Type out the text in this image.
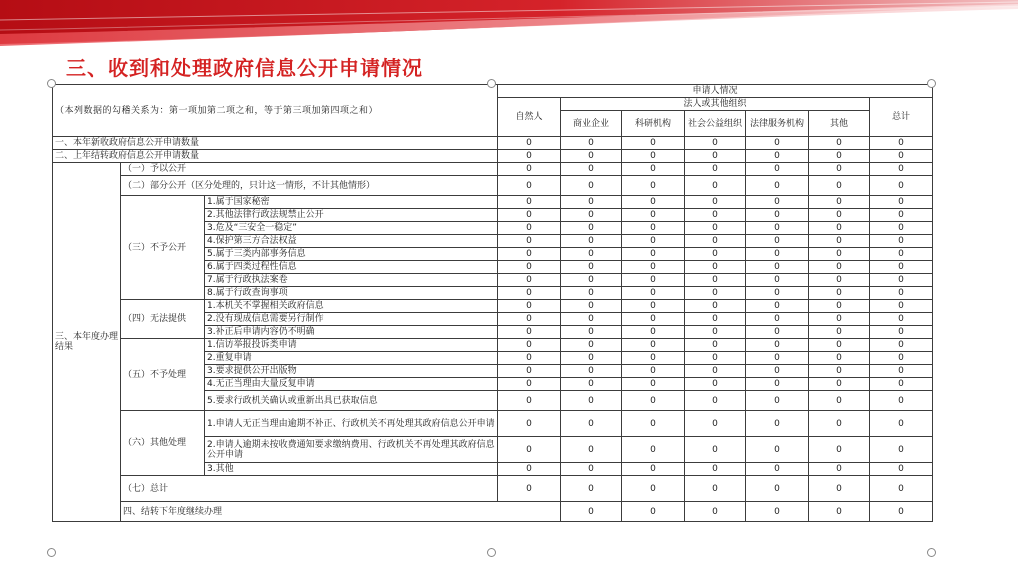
三、收到和处理政府信息公开申请情况
（本列数据的勾稽关系为：第一项加第二项之和，等于第三项加第四项之和）			申请人情况							
			自然人	法人或其他组织					总计	
				商业企业	科研机构	社会公益组织	法律服务机构	其他		
一、本年新收政府信息公开申请数量			0	0	0	0	0	0	0	
二、上年结转政府信息公开申请数量			0	0	0	0	0	0	0	
三、本年度办理结果	（一）予以公开		0	0	0	0	0	0	0	
	（二）部分公开（区分处理的，只计这一情形，不计其他情形）		0	0	0	0	0	0	0	
	（三）不予公开	1.属于国家秘密	0	0	0	0	0	0	0	
		2.其他法律行政法规禁止公开	0	0	0	0	0	0	0	
		3.危及“三安全一稳定”	0	0	0	0	0	0	0	
		4.保护第三方合法权益	0	0	0	0	0	0	0	
		5.属于三类内部事务信息	0	0	0	0	0	0	0	
		6.属于四类过程性信息	0	0	0	0	0	0	0	
		7.属于行政执法案卷	0	0	0	0	0	0	0	
		8.属于行政查询事项	0	0	0	0	0	0	0	
	（四）无法提供	1.本机关不掌握相关政府信息	0	0	0	0	0	0	0	
		2.没有现成信息需要另行制作	0	0	0	0	0	0	0	
		3.补正后申请内容仍不明确	0	0	0	0	0	0	0	
	（五）不予处理	1.信访举报投诉类申请	0	0	0	0	0	0	0	
		2.重复申请	0	0	0	0	0	0	0	
		3.要求提供公开出版物	0	0	0	0	0	0	0	
		4.无正当理由大量反复申请	0	0	0	0	0	0	0	
		5.要求行政机关确认或重新出具已获取信息	0	0	0	0	0	0	0	
	（六）其他处理	1.申请人无正当理由逾期不补正、行政机关不再处理其政府信息公开申请	0	0	0	0	0	0	0	
		2.申请人逾期未按收费通知要求缴纳费用、行政机关不再处理其政府信息公开申请	0	0	0	0	0	0	0	
		3.其他	0	0	0	0	0	0	0	
	（七）总计		0	0	0	0	0	0	0	
	四、结转下年度继续办理			0	0	0	0	0	0	
